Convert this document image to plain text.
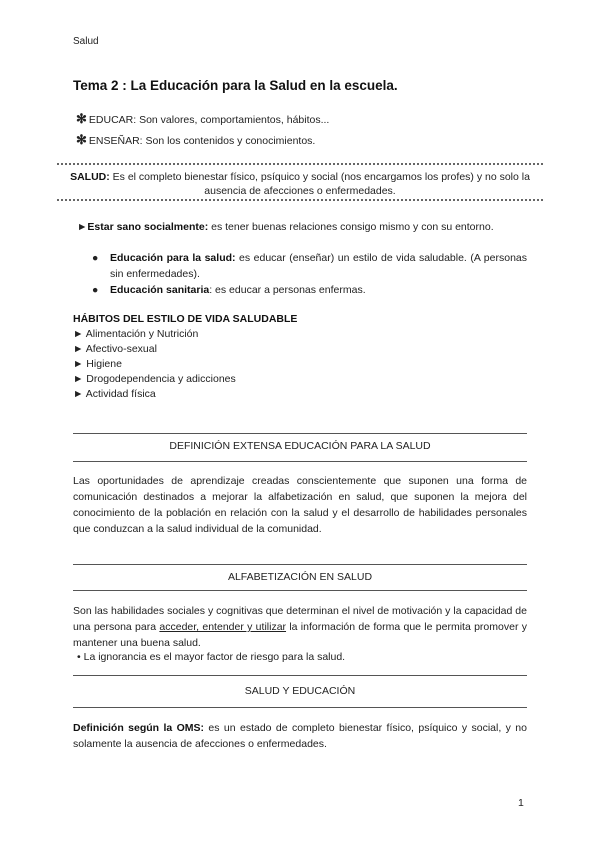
Salud
Tema 2 : La Educación para la Salud en la escuela.
✻ EDUCAR: Son valores, comportamientos, hábitos...
✻ ENSEÑAR: Son los contenidos y conocimientos.
SALUD: Es el completo bienestar físico, psíquico y social (nos encargamos los profes) y no solo la ausencia de afecciones o enfermedades.
►Estar sano socialmente: es tener buenas relaciones consigo mismo y con su entorno.
● Educación para la salud: es educar (enseñar) un estilo de vida saludable. (A personas sin enfermedades).
● Educación sanitaria: es educar a personas enfermas.
HÁBITOS DEL ESTILO DE VIDA SALUDABLE
► Alimentación y Nutrición
► Afectivo-sexual
► Higiene
► Drogodependencia y adicciones
► Actividad física
DEFINICIÓN EXTENSA EDUCACIÓN PARA LA SALUD
Las oportunidades de aprendizaje creadas conscientemente que suponen una forma de comunicación destinados a mejorar la alfabetización en salud, que suponen la mejora del conocimiento de la población en relación con la salud y el desarrollo de habilidades personales que conduzcan a la salud individual de la comunidad.
ALFABETIZACIÓN EN SALUD
Son las habilidades sociales y cognitivas que determinan el nivel de motivación y la capacidad de una persona para acceder, entender y utilizar la información de forma que le permita promover y mantener una buena salud.
• La ignorancia es el mayor factor de riesgo para la salud.
SALUD Y EDUCACIÓN
Definición según la OMS: es un estado de completo bienestar físico, psíquico y social, y no solamente la ausencia de afecciones o enfermedades.
1
